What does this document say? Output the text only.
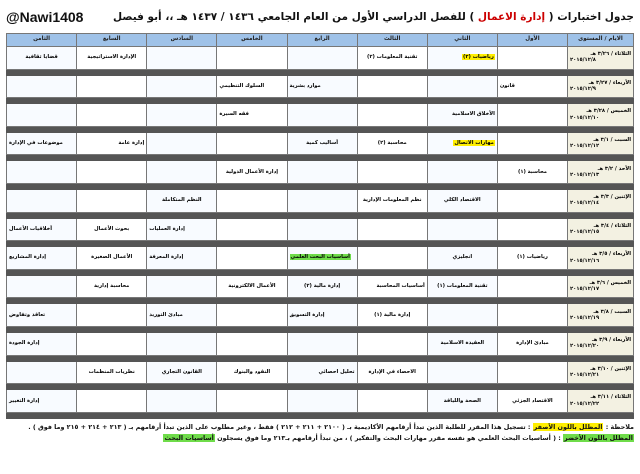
@Nawi1408	جدول اختبارات ( إدارة الاعمال ) للفصل الدراسي الأول من العام الجامعي ١٤٣٦ / ١٤٣٧ هـ ،، أبو فيصل
الايام / المستوى	الأول	الثاني	الثالث	الرابع	الخامس	السادس	السابع	الثامن

الثلاثاء / ٣/٢٦ هـ
٢٠١٥/١٢/٨		رياضيات (٢)	تقنية المعلومات (٢)				الإدارة الاستراتيجية	قضايا ثقافية

الأربعاء / ٣/٢٧ هـ
٢٠١٥/١٢/٩	قانون			موارد بشرية	السلوك التنظيمي			

الخميس / ٣/٢٨ هـ
٢٠١٥/١٢/١٠		الأخلاق الاسلامية			فقه السيرة			

السبت / ٣/١ هـ
٢٠١٥/١٢/١٢		مهارات الاتصال	محاسبة (٢)	أساليب كمية			إدارة عامة	موضوعات في الإدارة

الأحد / ٣/٢ هـ
٢٠١٥/١٢/١٣	محاسبة (١)				إدارة الأعمال الدولية			

الإثنين / ٣/٣ هـ
٢٠١٥/١٢/١٤		الاقتصاد الكلي	نظم المعلومات الإدارية			النظم المتكاملة		

الثلاثاء / ٣/٤ هـ
٢٠١٥/١٢/١٥						إدارة العمليات	بحوث الأعمال	أخلاقيات الأعمال

الأربعاء / ٣/٥ هـ
٢٠١٥/١٢/١٦	رياضيات (١)	انجليزي		أساسيات البحث العلمي		إدارة المعرفة	الأعمال الصغيرة	إدارة المشاريع

الخميس / ٣/٦ هـ
٢٠١٥/١٢/١٧		تقنية المعلومات (١)	أساسيات المحاسبة	إدارة مالية (٢)	الأعمال الالكترونية		محاسبة إدارية	

السبت / ٣/٨ هـ
٢٠١٥/١٢/١٩			إدارة مالية (١)	إدارة التسويق		مبادئ التوريد		تعاقد وتفاوض

الأربعاء / ٣/٩ هـ
٢٠١٥/١٢/٢٠	مبادئ الإدارة	العقيدة الاسلامية						إدارة الجودة

الإثنين / ٣/١٠ هـ
٢٠١٥/١٢/٢١			الاحصاء في الإدارة	تحليل احصائي	النقود والبنوك	القانون التجاري	نظريات المنظمات	

الثلاثاء / ٣/١١ هـ
٢٠١٥/١٢/٢٢	الاقتصاد الجزئي	الصحة واللياقة						إدارة التغيير

ملاحظة : المظلل باللون الأصفر : تسجيل هذا المقرر للطلبة الذين تبدأ أرقامهم الأكاديمية بـ ( ٢١٠٠ + ٢١١ + ٢١٢ ) فقط ، وغير مطلوب على الذين تبدأ أرقامهم بـ ( ٢١٣ + ٢١٤ + ٢١٥ وما فوق ) .
المظلل باللون الأخضر : ( أساسيات البحث العلمي هو نفسه مقرر مهارات البحث والتفكير ) ، من تبدأ أرقامهم بـ٢١٣ وما فوق يسجلون أساسيات البحث
